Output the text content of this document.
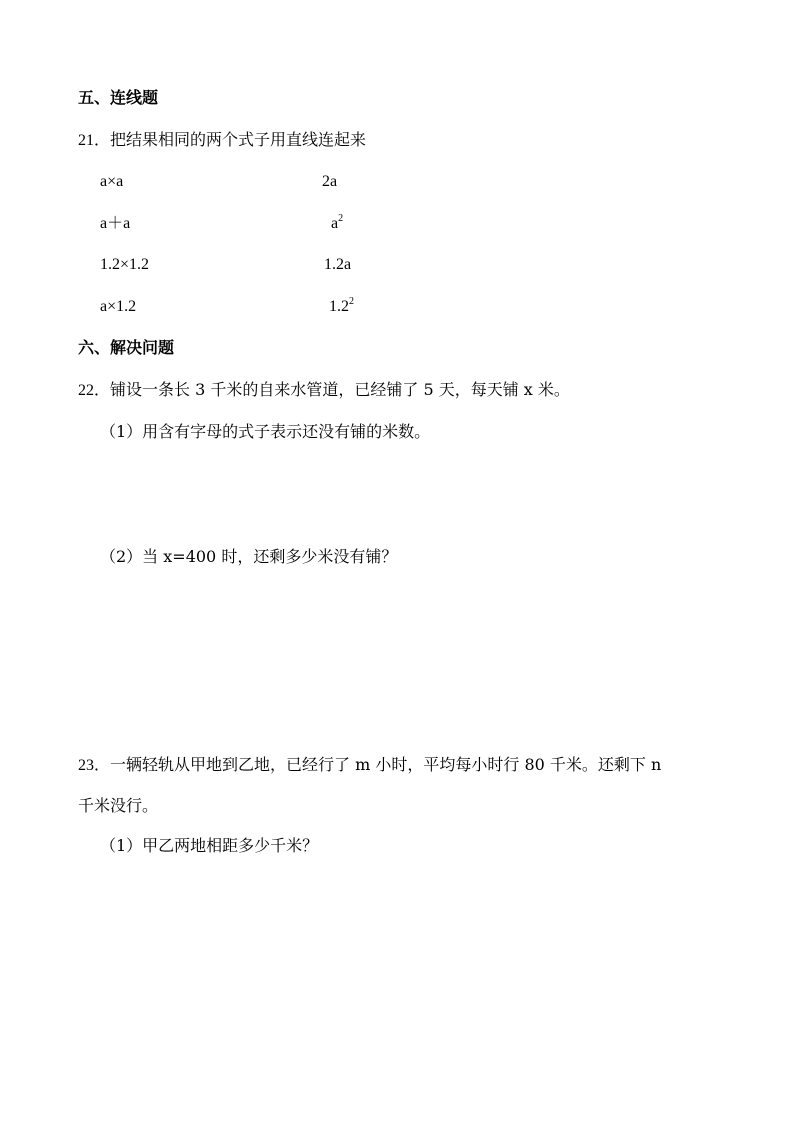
五、连线题
21．把结果相同的两个式子用直线连起来
a×a	2a
a＋a	$a^2$
1.2×1.2	1.2a
a×1.2	$1.2^2$
六、解决问题
22．铺设一条长 3 千米的自来水管道，已经铺了 5 天，每天铺 x 米。
（1）用含有字母的式子表示还没有铺的米数。
（2）当 x=400 时，还剩多少米没有铺？
23．一辆轻轨从甲地到乙地，已经行了 m 小时，平均每小时行 80 千米。还剩下 n
千米没行。
（1）甲乙两地相距多少千米？
